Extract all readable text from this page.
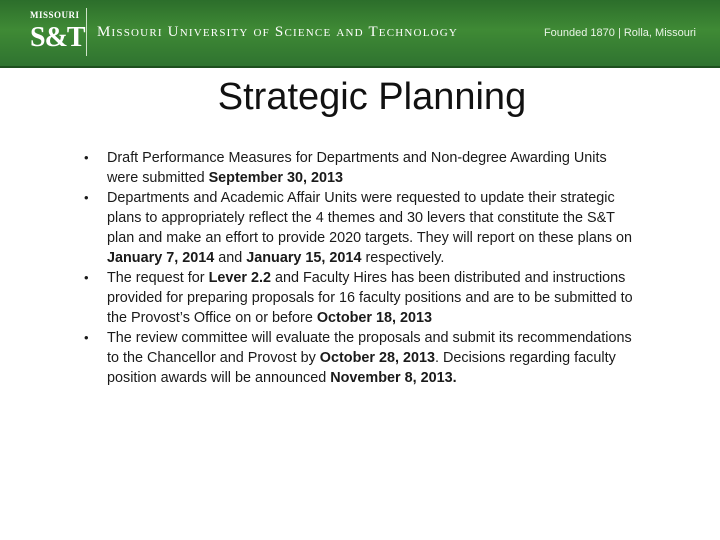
MISSOURI
S&T Missouri University of Science and Technology	Founded 1870 | Rolla, Missouri
Strategic Planning
• Draft Performance Measures for Departments and Non-degree Awarding Units were submitted September 30, 2013
• Departments and Academic Affair Units were requested to update their strategic plans to appropriately reflect the 4 themes and 30 levers that constitute the S&T plan and make an effort to provide 2020 targets. They will report on these plans on January 7, 2014 and January 15, 2014 respectively.
• The request for Lever 2.2 and Faculty Hires has been distributed and instructions provided for preparing proposals for 16 faculty positions and are to be submitted to the Provost’s Office on or before October 18, 2013
• The review committee will evaluate the proposals and submit its recommendations to the Chancellor and Provost by October 28, 2013. Decisions regarding faculty position awards will be announced November 8, 2013.
